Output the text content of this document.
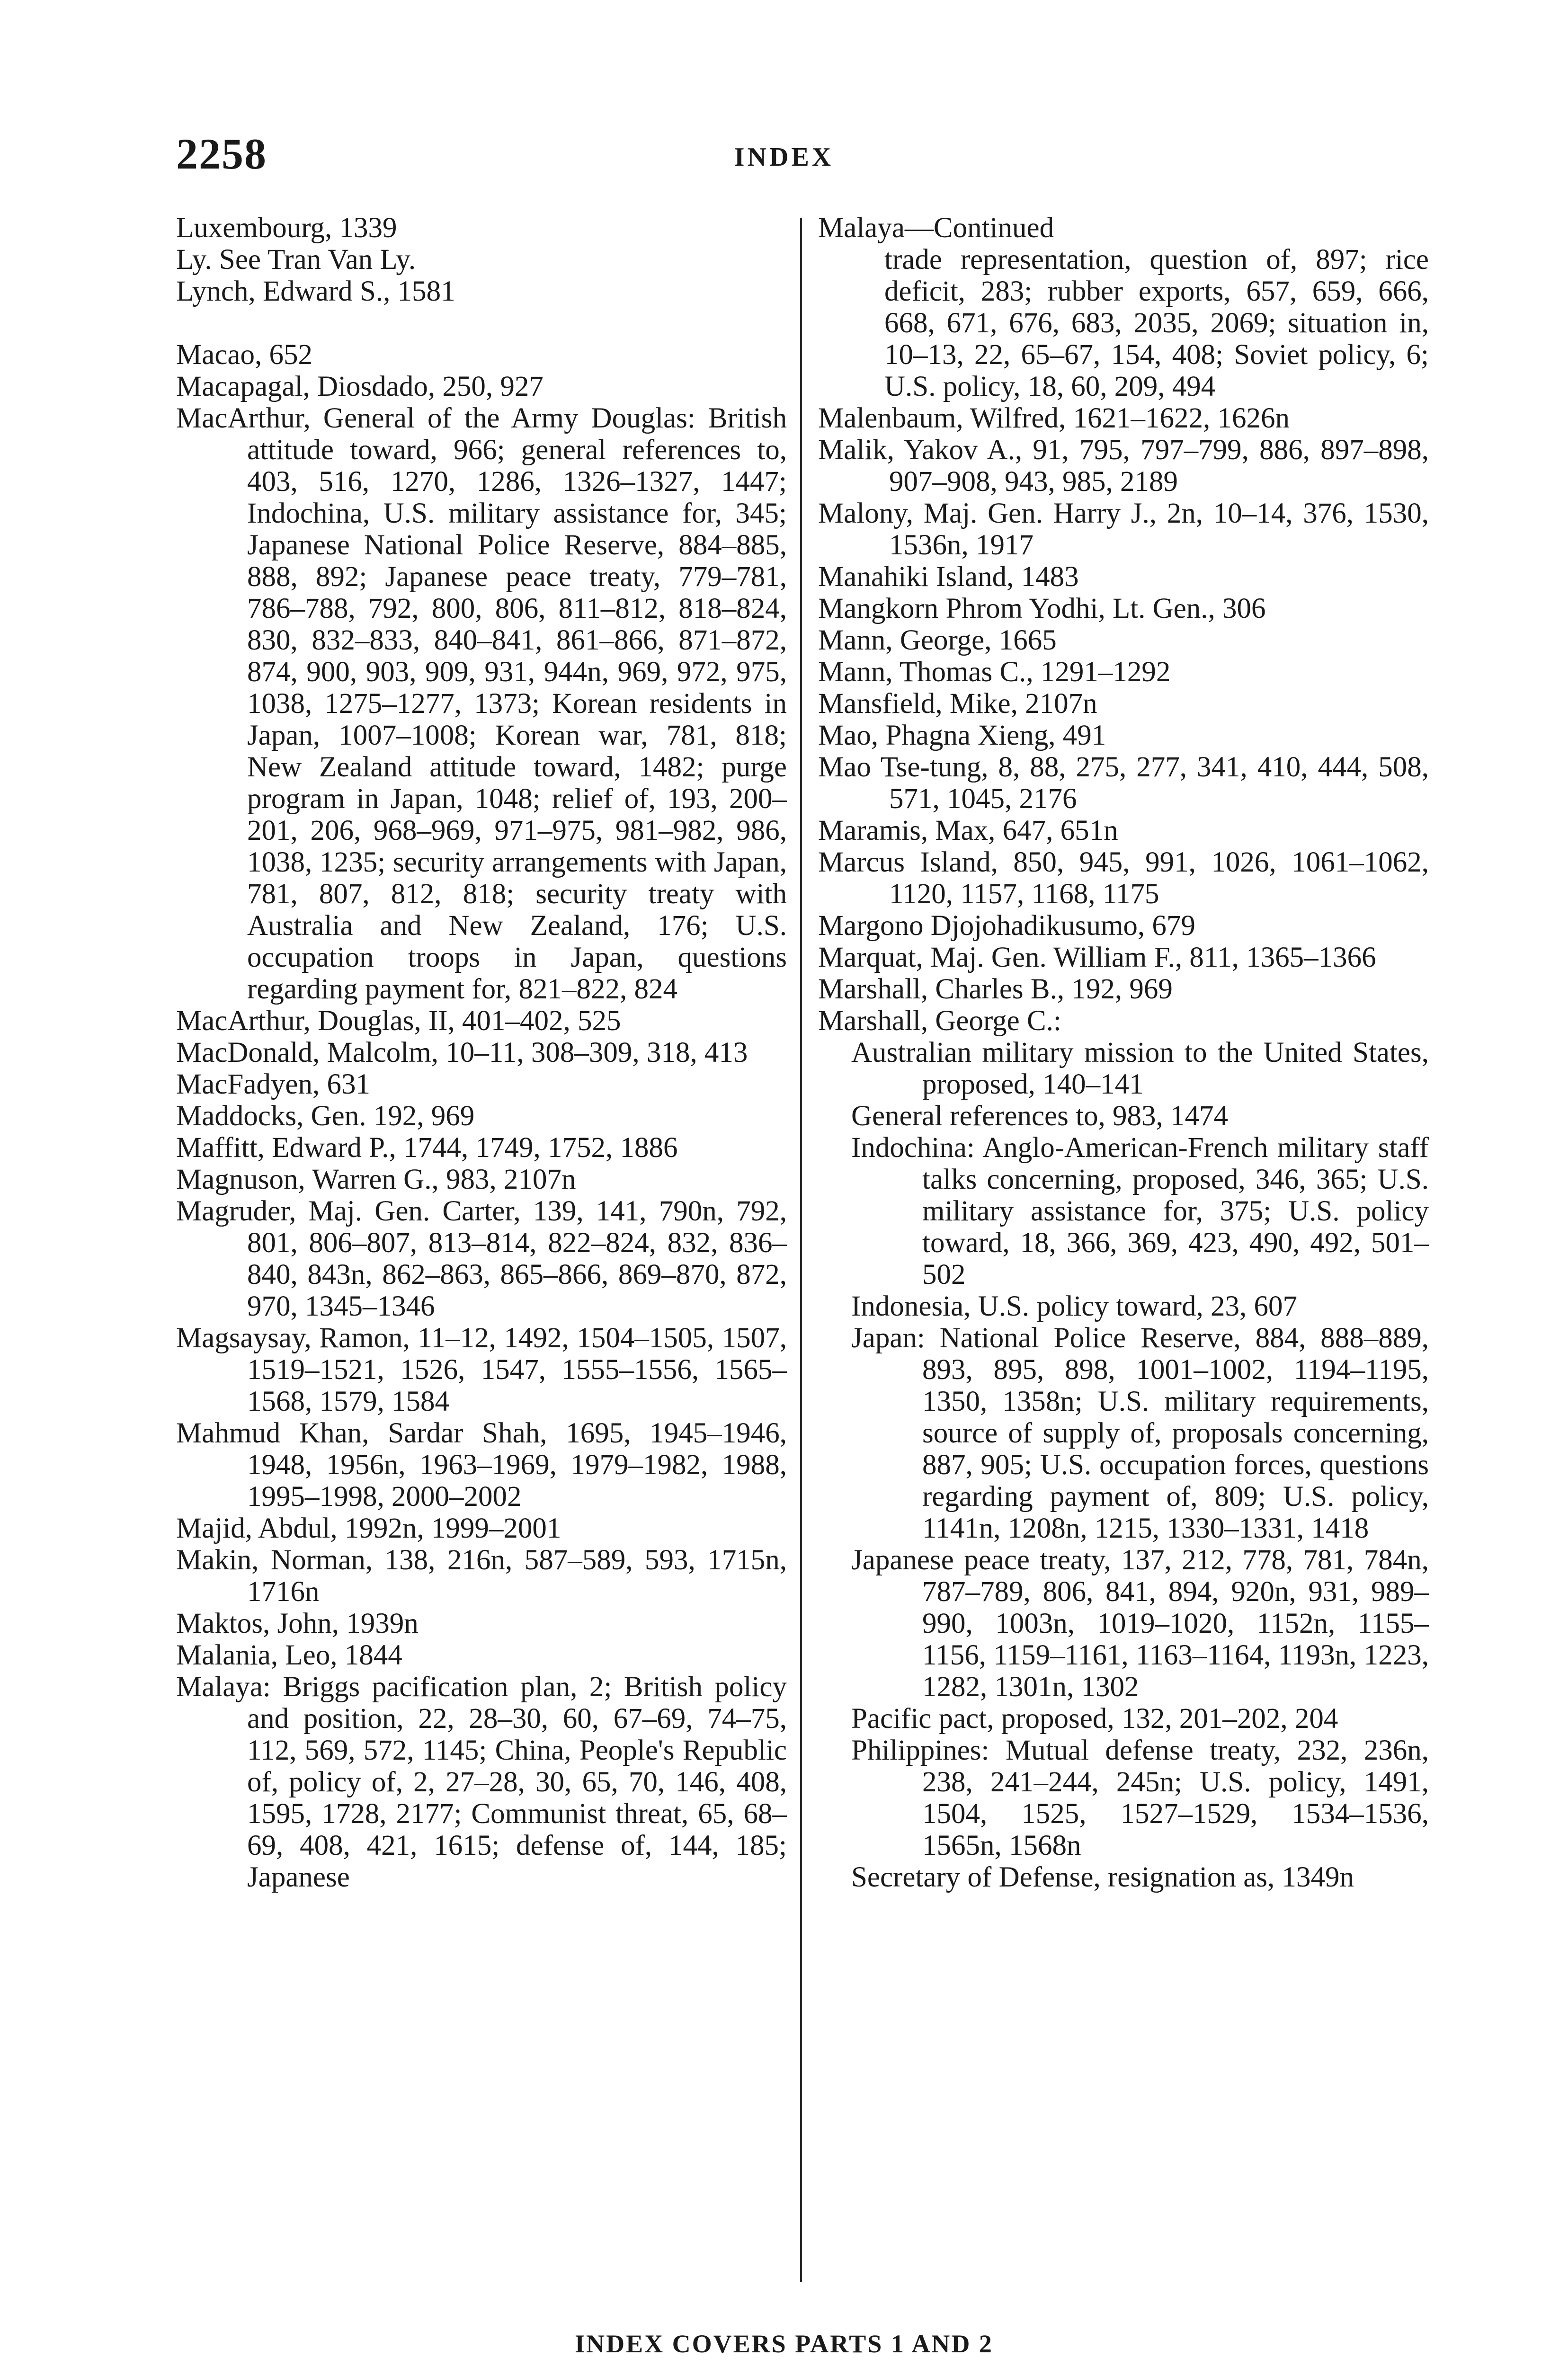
2258	INDEX

Luxembourg, 1339

Ly. See Tran Van Ly.

Lynch, Edward S., 1581

Macao, 652

Macapagal, Diosdado, 250, 927

MacArthur, General of the Army Douglas: British attitude toward, 966; general references to, 403, 516, 1270, 1286, 1326–1327, 1447; Indochina, U.S. military assistance for, 345; Japanese National Police Reserve, 884–885, 888, 892; Japanese peace treaty, 779–781, 786–788, 792, 800, 806, 811–812, 818–824, 830, 832–833, 840–841, 861–866, 871–872, 874, 900, 903, 909, 931, 944n, 969, 972, 975, 1038, 1275–1277, 1373; Korean residents in Japan, 1007–1008; Korean war, 781, 818; New Zealand attitude toward, 1482; purge program in Japan, 1048; relief of, 193, 200–201, 206, 968–969, 971–975, 981–982, 986, 1038, 1235; security arrangements with Japan, 781, 807, 812, 818; security treaty with Australia and New Zealand, 176; U.S. occupation troops in Japan, questions regarding payment for, 821–822, 824

MacArthur, Douglas, II, 401–402, 525

MacDonald, Malcolm, 10–11, 308–309, 318, 413

MacFadyen, 631

Maddocks, Gen. 192, 969

Maffitt, Edward P., 1744, 1749, 1752, 1886

Magnuson, Warren G., 983, 2107n

Magruder, Maj. Gen. Carter, 139, 141, 790n, 792, 801, 806–807, 813–814, 822–824, 832, 836–840, 843n, 862–863, 865–866, 869–870, 872, 970, 1345–1346

Magsaysay, Ramon, 11–12, 1492, 1504–1505, 1507, 1519–1521, 1526, 1547, 1555–1556, 1565–1568, 1579, 1584

Mahmud Khan, Sardar Shah, 1695, 1945–1946, 1948, 1956n, 1963–1969, 1979–1982, 1988, 1995–1998, 2000–2002

Majid, Abdul, 1992n, 1999–2001

Makin, Norman, 138, 216n, 587–589, 593, 1715n, 1716n

Maktos, John, 1939n

Malania, Leo, 1844

Malaya: Briggs pacification plan, 2; British policy and position, 22, 28–30, 60, 67–69, 74–75, 112, 569, 572, 1145; China, People's Republic of, policy of, 2, 27–28, 30, 65, 70, 146, 408, 1595, 1728, 2177; Communist threat, 65, 68–69, 408, 421, 1615; defense of, 144, 185; Japanese

Malaya—Continued

trade representation, question of, 897; rice deficit, 283; rubber exports, 657, 659, 666, 668, 671, 676, 683, 2035, 2069; situation in, 10–13, 22, 65–67, 154, 408; Soviet policy, 6; U.S. policy, 18, 60, 209, 494

Malenbaum, Wilfred, 1621–1622, 1626n

Malik, Yakov A., 91, 795, 797–799, 886, 897–898, 907–908, 943, 985, 2189

Malony, Maj. Gen. Harry J., 2n, 10–14, 376, 1530, 1536n, 1917

Manahiki Island, 1483

Mangkorn Phrom Yodhi, Lt. Gen., 306

Mann, George, 1665

Mann, Thomas C., 1291–1292

Mansfield, Mike, 2107n

Mao, Phagna Xieng, 491

Mao Tse-tung, 8, 88, 275, 277, 341, 410, 444, 508, 571, 1045, 2176

Maramis, Max, 647, 651n

Marcus Island, 850, 945, 991, 1026, 1061–1062, 1120, 1157, 1168, 1175

Margono Djojohadikusumo, 679

Marquat, Maj. Gen. William F., 811, 1365–1366

Marshall, Charles B., 192, 969

Marshall, George C.:

Australian military mission to the United States, proposed, 140–141

General references to, 983, 1474

Indochina: Anglo-American-French military staff talks concerning, proposed, 346, 365; U.S. military assistance for, 375; U.S. policy toward, 18, 366, 369, 423, 490, 492, 501–502

Indonesia, U.S. policy toward, 23, 607

Japan: National Police Reserve, 884, 888–889, 893, 895, 898, 1001–1002, 1194–1195, 1350, 1358n; U.S. military requirements, source of supply of, proposals concerning, 887, 905; U.S. occupation forces, questions regarding payment of, 809; U.S. policy, 1141n, 1208n, 1215, 1330–1331, 1418

Japanese peace treaty, 137, 212, 778, 781, 784n, 787–789, 806, 841, 894, 920n, 931, 989–990, 1003n, 1019–1020, 1152n, 1155–1156, 1159–1161, 1163–1164, 1193n, 1223, 1282, 1301n, 1302

Pacific pact, proposed, 132, 201–202, 204

Philippines: Mutual defense treaty, 232, 236n, 238, 241–244, 245n; U.S. policy, 1491, 1504, 1525, 1527–1529, 1534–1536, 1565n, 1568n

Secretary of Defense, resignation as, 1349n

INDEX COVERS PARTS 1 AND 2
